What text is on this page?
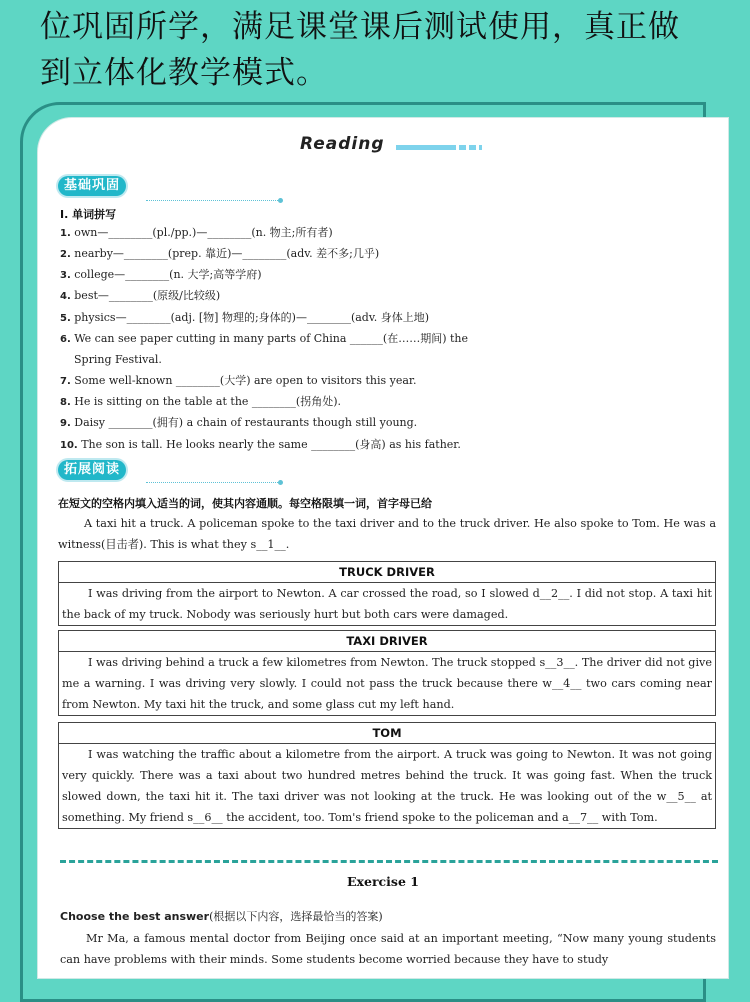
位巩固所学，满足课堂课后测试使用，真正做
到立体化教学模式。
Reading
基础巩固
Ⅰ. 单词拼写
1. own—________(pl./pp.)—________(n. 物主;所有者)
2. nearby—________(prep. 靠近)—________(adv. 差不多;几乎)
3. college—________(n. 大学;高等学府)
4. best—________(原级/比较级)
5. physics—________(adj. [物] 物理的;身体的)—________(adv. 身体上地)
6. We can see paper cutting in many parts of China ______(在……期间) the
Spring Festival.
7. Some well-known ________(大学) are open to visitors this year.
8. He is sitting on the table at the ________(拐角处).
9. Daisy ________(拥有) a chain of restaurants though still young.
10. The son is tall. He looks nearly the same ________(身高) as his father.
拓展阅读
在短文的空格内填入适当的词，使其内容通顺。每空格限填一词，首字母已给
A taxi hit a truck. A policeman spoke to the taxi driver and to the truck driver. He also spoke to Tom. He was a witness(目击者). This is what they s__1__.
TRUCK DRIVER
I was driving from the airport to Newton. A car crossed the road, so I slowed d__2__. I did not stop. A taxi hit the back of my truck. Nobody was seriously hurt but both cars were damaged.
TAXI DRIVER
I was driving behind a truck a few kilometres from Newton. The truck stopped s__3__. The driver did not give me a warning. I was driving very slowly. I could not pass the truck because there w__4__ two cars coming near from Newton. My taxi hit the truck, and some glass cut my left hand.
TOM
I was watching the traffic about a kilometre from the airport. A truck was going to Newton. It was not going very quickly. There was a taxi about two hundred metres behind the truck. It was going fast. When the truck slowed down, the taxi hit it. The taxi driver was not looking at the truck. He was looking out of the w__5__ at something. My friend s__6__ the accident, too. Tom's friend spoke to the policeman and a__7__ with Tom.
Exercise 1
Choose the best answer(根据以下内容，选择最恰当的答案)
Mr Ma, a famous mental doctor from Beijing once said at an important meeting, “Now many young students can have problems with their minds. Some students become worried because they have to study
